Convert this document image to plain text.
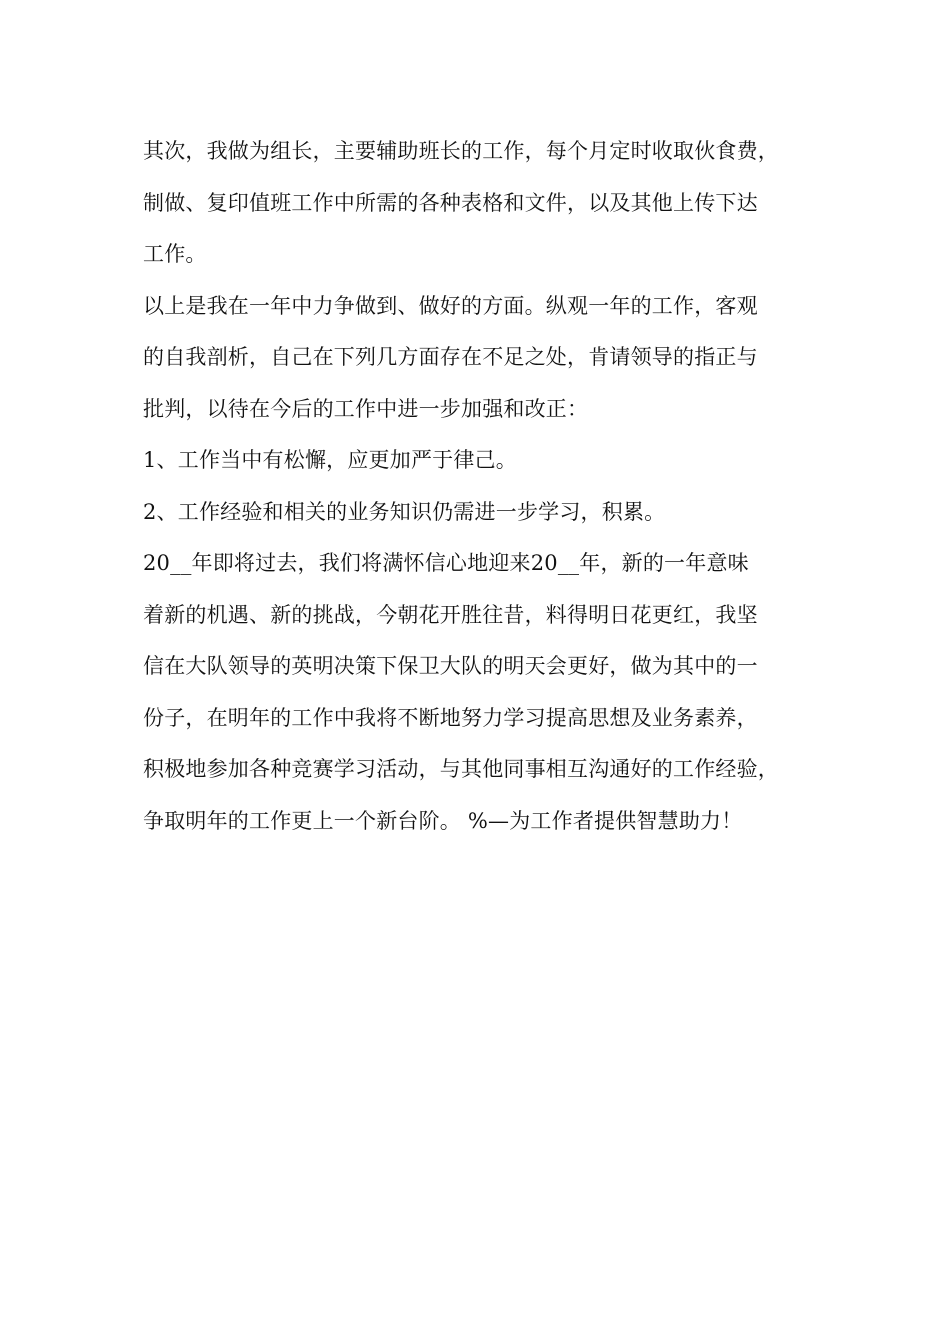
其次，我做为组长，主要辅助班长的工作，每个月定时收取伙食费，
制做、复印值班工作中所需的各种表格和文件，以及其他上传下达
工作。
以上是我在一年中力争做到、做好的方面。纵观一年的工作，客观
的自我剖析，自己在下列几方面存在不足之处，肯请领导的指正与
批判，以待在今后的工作中进一步加强和改正：
1、工作当中有松懈，应更加严于律己。
2、工作经验和相关的业务知识仍需进一步学习，积累。
20__年即将过去，我们将满怀信心地迎来20__年，新的一年意味
着新的机遇、新的挑战，今朝花开胜往昔，料得明日花更红，我坚
信在大队领导的英明决策下保卫大队的明天会更好，做为其中的一
份子，在明年的工作中我将不断地努力学习提高思想及业务素养，
积极地参加各种竞赛学习活动，与其他同事相互沟通好的工作经验，
争取明年的工作更上一个新台阶。 %—为工作者提供智慧助力！
